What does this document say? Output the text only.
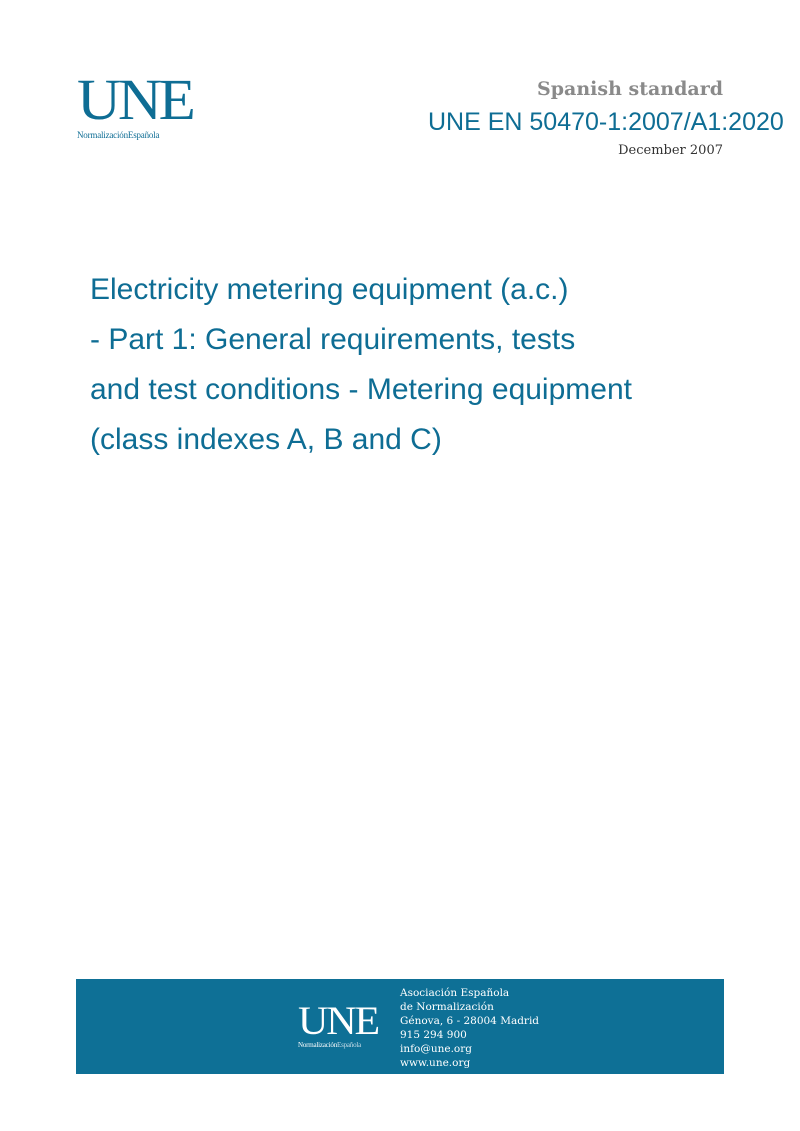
UNE
NormalizaciónEspañola
Spanish standard
UNE EN 50470-1:2007/A1:2020
December 2007
Electricity metering equipment (a.c.)
- Part 1: General requirements, tests
and test conditions - Metering equipment
(class indexes A, B and C)
UNE
NormalizaciónEspañola
Asociación Española
de Normalización
Génova, 6 - 28004 Madrid
915 294 900
info@une.org
www.une.org
